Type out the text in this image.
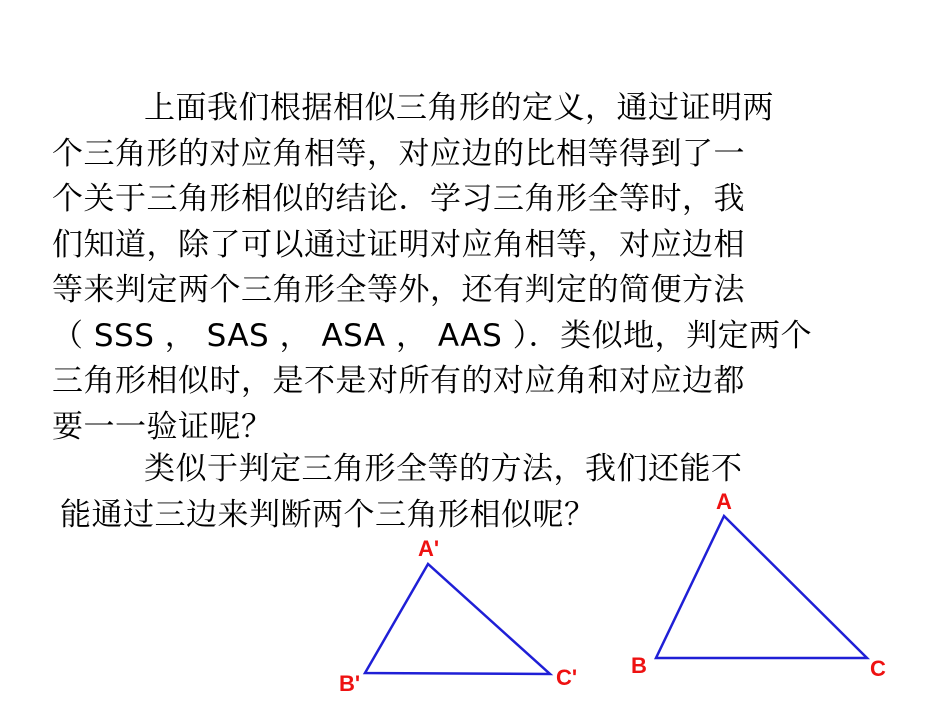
上面我们根据相似三角形的定义，通过证明两
个三角形的对应角相等，对应边的比相等得到了一
个关于三角形相似的结论．学习三角形全等时，我
们知道，除了可以通过证明对应角相等，对应边相
等来判定两个三角形全等外，还有判定的简便方法
（ SSS ， SAS ， ASA ， AAS ）．类似地，判定两个
三角形相似时，是不是对所有的对应角和对应边都
要一一验证呢？
类似于判定三角形全等的方法，我们还能不
能通过三边来判断两个三角形相似呢？
A'
B'	C'
A
B	C
